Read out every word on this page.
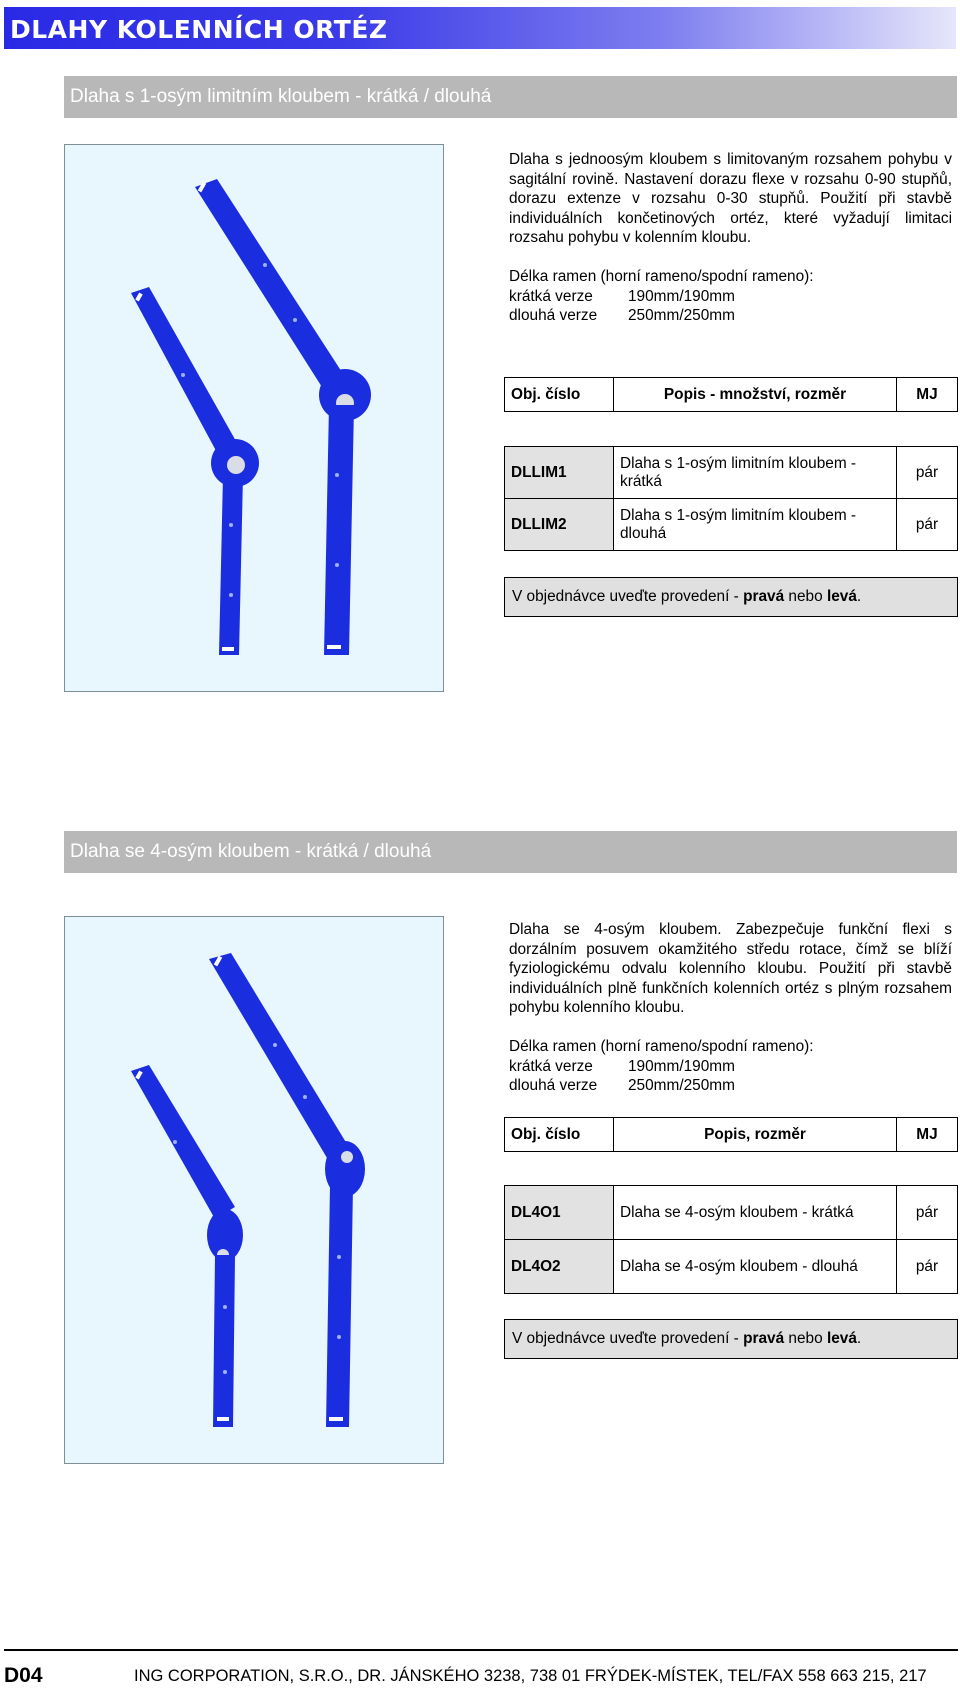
DLAHY KOLENNÍCH ORTÉZ
Dlaha s 1-osým limitním kloubem - krátká / dlouhá
Dlaha s jednoosým kloubem s limitovaným rozsahem pohybu v sagitální rovině. Nastavení dorazu flexe v rozsahu 0-90 stupňů, dorazu extenze v rozsahu 0-30 stupňů. Použití při stavbě individuálních končetinových ortéz, které vyžadují limitaci rozsahu pohybu v kolenním kloubu.
Délka ramen (horní rameno/spodní rameno):
krátká verze 190mm/190mm
dlouhá verze 250mm/250mm
Obj. číslo	Popis - množství, rozměr	MJ
DLLIM1	Dlaha s 1-osým limitním kloubem - krátká	pár
DLLIM2	Dlaha s 1-osým limitním kloubem - dlouhá	pár
V objednávce uveďte provedení - pravá nebo levá.
Dlaha se 4-osým kloubem - krátká / dlouhá
Dlaha se 4-osým kloubem. Zabezpečuje funkční flexi s dorzálním posuvem okamžitého středu rotace, čímž se blíží fyziologickému odvalu kolenního kloubu. Použití při stavbě individuálních plně funkčních kolenních ortéz s plným rozsahem pohybu kolenního kloubu.
Délka ramen (horní rameno/spodní rameno):
krátká verze 190mm/190mm
dlouhá verze 250mm/250mm
Obj. číslo	Popis, rozměr	MJ
DL4O1	Dlaha se 4-osým kloubem - krátká	pár
DL4O2	Dlaha se 4-osým kloubem - dlouhá	pár
V objednávce uveďte provedení - pravá nebo levá.
D04	ING CORPORATION, S.R.O., DR. JÁNSKÉHO 3238, 738 01 FRÝDEK-MÍSTEK, TEL/FAX 558 663 215, 217
